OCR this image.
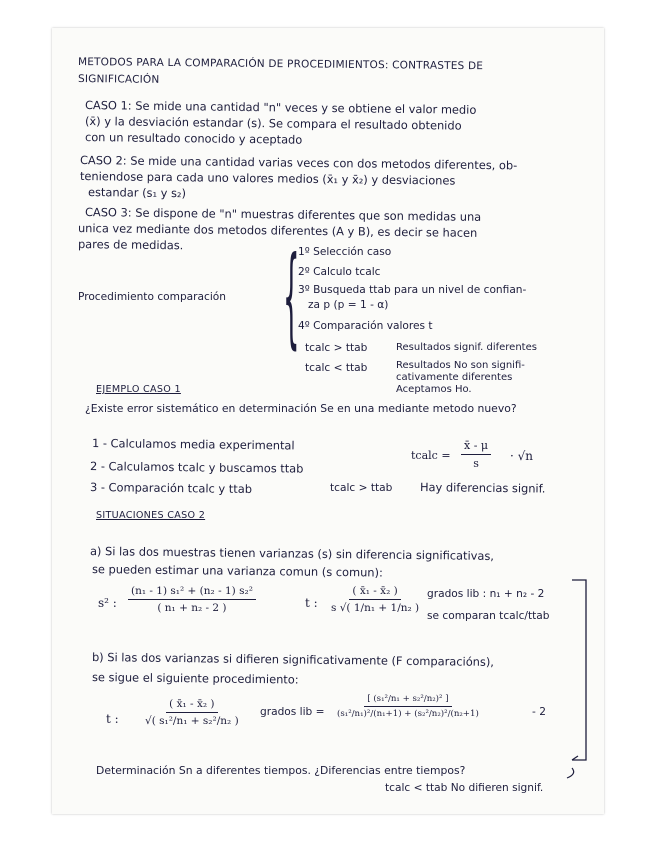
METODOS PARA LA COMPARACIÓN DE PROCEDIMIENTOS: CONTRASTES DE
SIGNIFICACIÓN
CASO 1: Se mide una cantidad "n" veces y se obtiene el valor medio
(x̄) y la desviación estandar (s). Se compara el resultado obtenido
con un resultado conocido y aceptado
CASO 2: Se mide una cantidad varias veces con dos metodos diferentes, ob-
teniendose para cada uno valores medios (x̄₁ y x̄₂) y desviaciones
estandar (s₁ y s₂)
CASO 3: Se dispone de "n" muestras diferentes que son medidas una
unica vez mediante dos metodos diferentes (A y B), es decir se hacen
pares de medidas.
Procedimiento comparación {
1º Selección caso
2º Calculo tcalc
3º Busqueda ttab para un nivel de confian-
za p (p = 1 - α)
4º Comparación valores t
tcalc > ttab	Resultados signif. diferentes
tcalc < ttab	Resultados No son signifi-
cativamente diferentes
Aceptamos Ho.
EJEMPLO CASO 1
¿Existe error sistemático en determinación Se en una mediante metodo nuevo?
1 - Calculamos media experimental
2 - Calculamos tcalc y buscamos ttab
3 - Comparación tcalc y ttab
tcalc = $\frac{x̄ - \mu}{s} \cdot √n$
tcalc > ttab Hay diferencias signif.
SITUACIONES CASO 2
a) Si las dos muestras tienen varianzas (s) sin diferencia significativas,
se pueden estimar una varianza comun (s comun):
s² : $\frac{\text{(n₁ - 1) s₁² + (n₂ - 1) s₂²}}{\text{( n₁ + n₂ - 2 )}}$	t : $\frac{\text{( x̄₁ - x̄₂ )}}{\text{s √( 1/n₁ + 1/n₂ )}}$ grados lib : n₁ + n₂ - 2
se comparan tcalc/ttab
b) Si las dos varianzas si difieren significativamente (F comparacións),
se sigue el siguiente procedimiento:
t : $\frac{\text{( x̄₁ - x̄₂ )}}{\text{√( s₁²/n₁ + s₂²/n₂ )}}$ grados lib = $\frac{\text{[ (s₁²/n₁ + s₂²/n₂)² ]}}{\text{(s₁²/n₁)²/(n₁+1) + (s₂²/n₂)²/(n₂+1)}}$	- 2
Determinación Sn a diferentes tiempos. ¿Diferencias entre tiempos?
tcalc < ttab No difieren signif.
